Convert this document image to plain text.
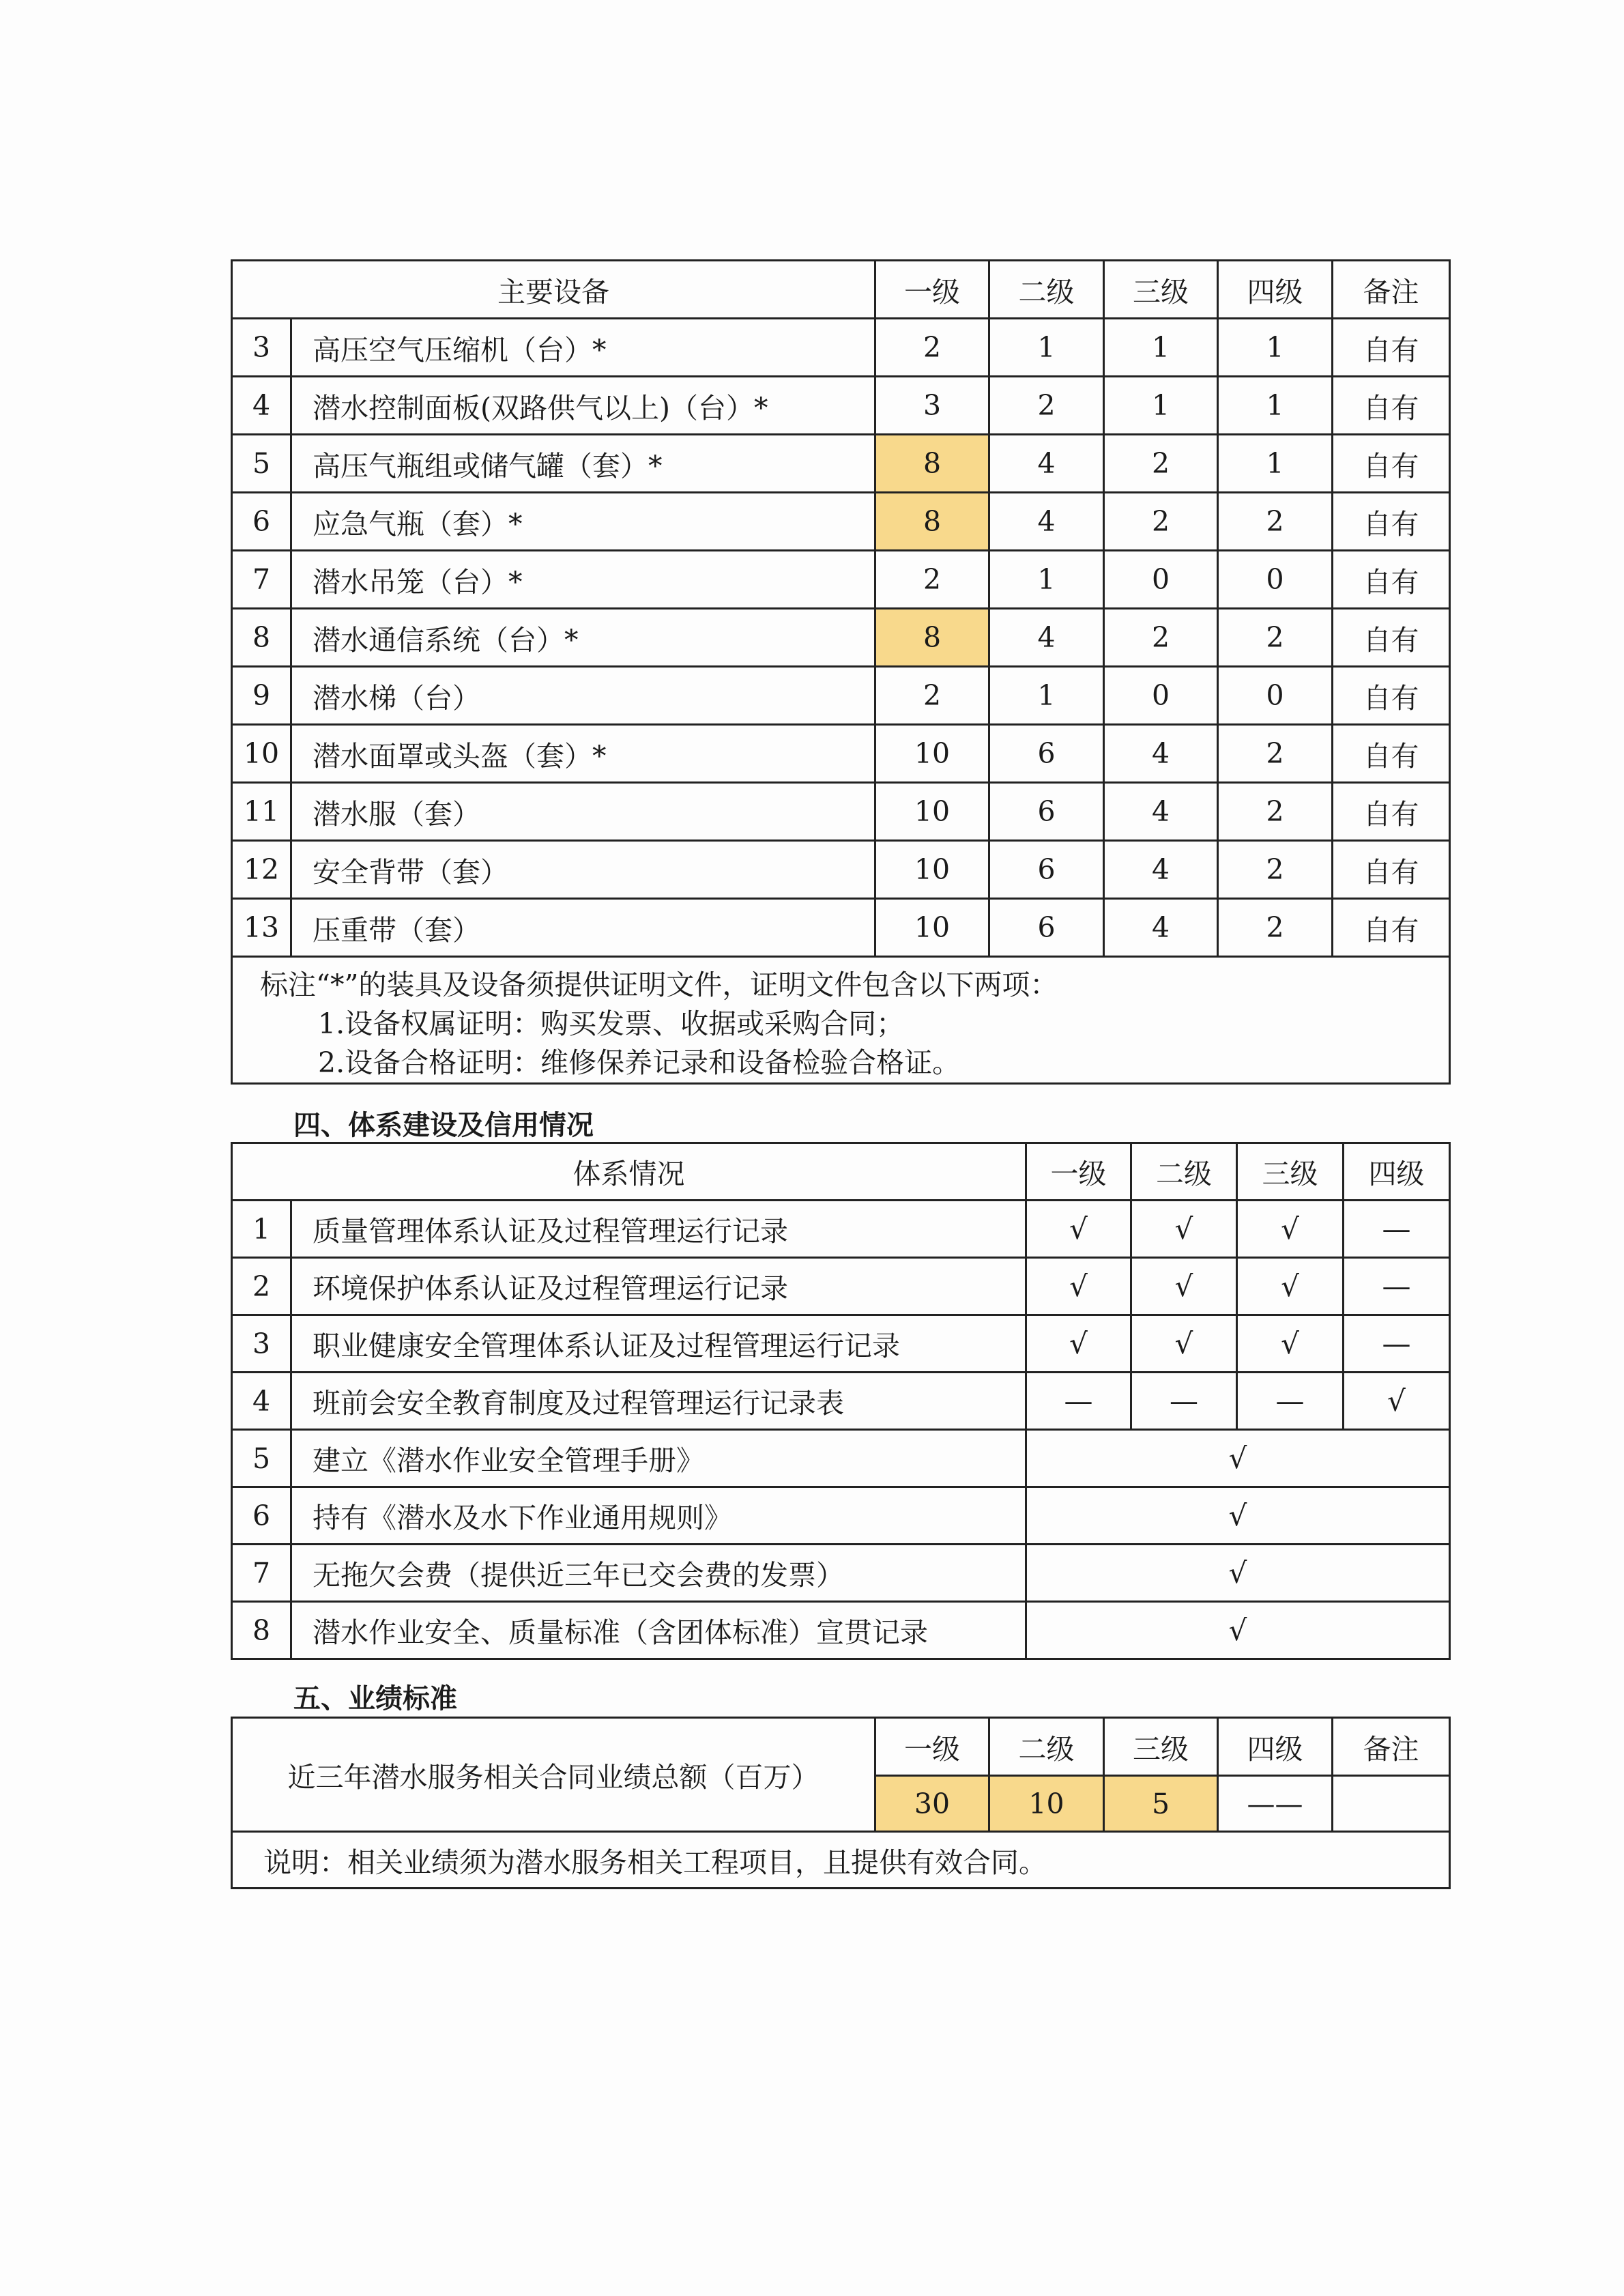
主要设备		一级	二级	三级	四级	备注
3	高压空气压缩机（台）*	2	1	1	1	自有
4	潜水控制面板(双路供气以上)（台）*	3	2	1	1	自有
5	高压气瓶组或储气罐（套）*	8	4	2	1	自有
6	应急气瓶（套）*	8	4	2	2	自有
7	潜水吊笼（台）*	2	1	0	0	自有
8	潜水通信系统（台）*	8	4	2	2	自有
9	潜水梯（台）	2	1	0	0	自有
10	潜水面罩或头盔（套）*	10	6	4	2	自有
11	潜水服（套）	10	6	4	2	自有
12	安全背带（套）	10	6	4	2	自有
13	压重带（套）	10	6	4	2	自有

标注“*”的装具及设备须提供证明文件，证明文件包含以下两项：
1.设备权属证明：购买发票、收据或采购合同；
2.设备合格证明：维修保养记录和设备检验合格证。						
四、体系建设及信用情况
体系情况		一级	二级	三级	四级
1	质量管理体系认证及过程管理运行记录	√	√	√	—
2	环境保护体系认证及过程管理运行记录	√	√	√	—
3	职业健康安全管理体系认证及过程管理运行记录	√	√	√	—
4	班前会安全教育制度及过程管理运行记录表	—	—	—	√
5	建立《潜水作业安全管理手册》	√			
6	持有《潜水及水下作业通用规则》	√			
7	无拖欠会费（提供近三年已交会费的发票）	√			
8	潜水作业安全、质量标准（含团体标准）宣贯记录	√			
五、业绩标准
近三年潜水服务相关合同业绩总额（百万）	一级	二级	三级	四级	备注
	30	10	5	——	
说明：相关业绩须为潜水服务相关工程项目，且提供有效合同。					
